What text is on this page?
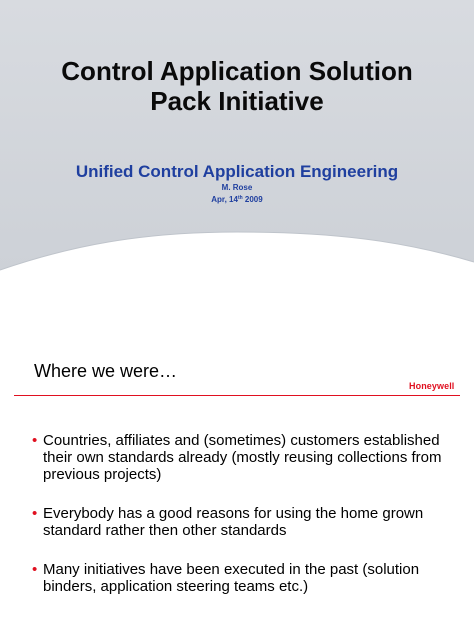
Control Application Solution
Pack Initiative
Unified Control Application Engineering
M. Rose
Apr, 14th 2009
Where we were…
Honeywell
• Countries, affiliates and (sometimes) customers established their own standards already (mostly reusing collections from previous projects)
• Everybody has a good reasons for using the home grown standard rather then other standards
• Many initiatives have been executed in the past (solution binders, application steering teams etc.)
